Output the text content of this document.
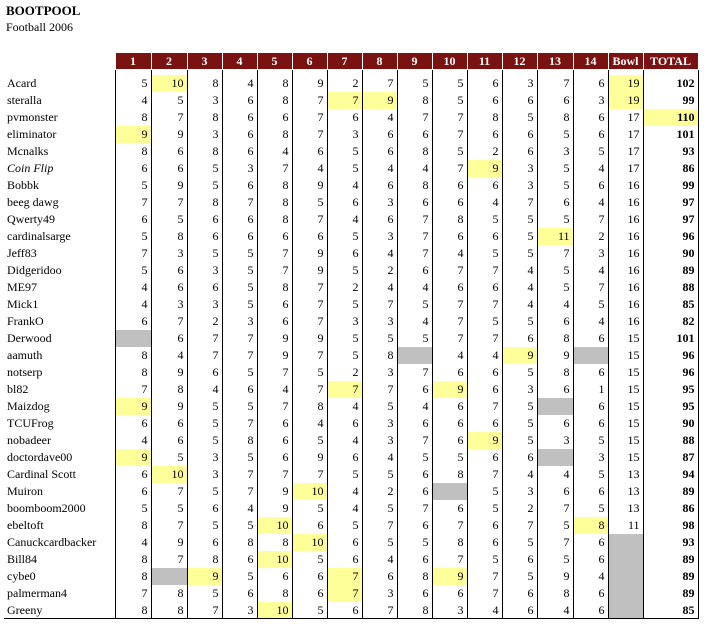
BOOTPOOL
Football 2006
	1	2	3	4	5	6	7	8	9	10	11	12	13	14	Bowl	TOTAL

Acard	5	10	8	4	8	9	2	7	5	5	6	3	7	6	19	102
steralla	4	5	3	6	8	7	7	9	8	5	6	6	6	3	19	99
pvmonster	8	7	8	6	6	7	6	4	7	7	8	5	8	6	17	110
eliminator	9	9	3	6	8	7	3	6	6	7	6	6	5	6	17	101
Mcnalks	8	6	8	6	4	6	5	6	8	5	2	6	3	5	17	93
Coin Flip	6	6	5	3	7	4	5	4	4	7	9	3	5	4	17	86
Bobbk	5	9	5	6	8	9	4	6	8	6	6	3	5	6	16	99
beeg dawg	7	7	8	7	8	5	6	3	6	6	4	7	6	4	16	97
Qwerty49	6	5	6	6	8	7	4	6	7	8	5	5	5	7	16	97
cardinalsarge	5	8	6	6	6	6	5	3	7	6	6	5	11	2	16	96
Jeff83	7	3	5	5	7	9	6	4	7	4	5	5	7	3	16	90
Didgeridoo	5	6	3	5	7	9	5	2	6	7	7	4	5	4	16	89
ME97	4	6	6	5	8	7	2	4	4	6	6	4	5	7	16	88
Mick1	4	3	3	5	6	7	5	7	5	7	7	4	4	5	16	85
FrankO	6	7	2	3	6	7	3	3	4	7	5	5	6	4	16	82
Derwood		6	7	7	9	9	5	5	5	7	7	6	8	6	15	101
aamuth	8	4	7	7	9	7	5	8		4	4	9	9		15	96
notserp	8	9	6	5	7	5	2	3	7	6	6	5	8	6	15	96
bl82	7	8	4	6	4	7	7	7	6	9	6	3	6	1	15	95
Maizdog	9	9	5	5	7	8	4	5	4	6	7	5		6	15	95
TCUFrog	6	6	5	7	6	4	6	3	6	6	6	5	6	6	15	90
nobadeer	4	6	5	8	6	5	4	3	7	6	9	5	3	5	15	88
doctordave00	9	5	3	5	6	9	6	4	5	5	6	6		3	15	87
Cardinal Scott	6	10	3	7	7	7	5	5	6	8	7	4	4	5	13	94
Muiron	6	7	5	7	9	10	4	2	6		5	3	6	6	13	89
boomboom2000	5	5	6	4	9	5	4	5	7	6	5	2	7	5	13	86
ebeltoft	8	7	5	5	10	6	5	7	6	7	6	7	5	8	11	98
Canuckcardbacker	4	9	6	8	8	10	6	5	5	8	6	5	7	6		93
Bill84	8	7	8	6	10	5	6	4	6	7	5	6	5	6		89
cybe0	8		9	5	6	6	7	6	8	9	7	5	9	4		89
palmerman4	7	8	5	6	8	6	7	3	6	6	7	6	8	6		89
Greeny	8	8	7	3	10	5	6	7	8	3	4	6	4	6		85
